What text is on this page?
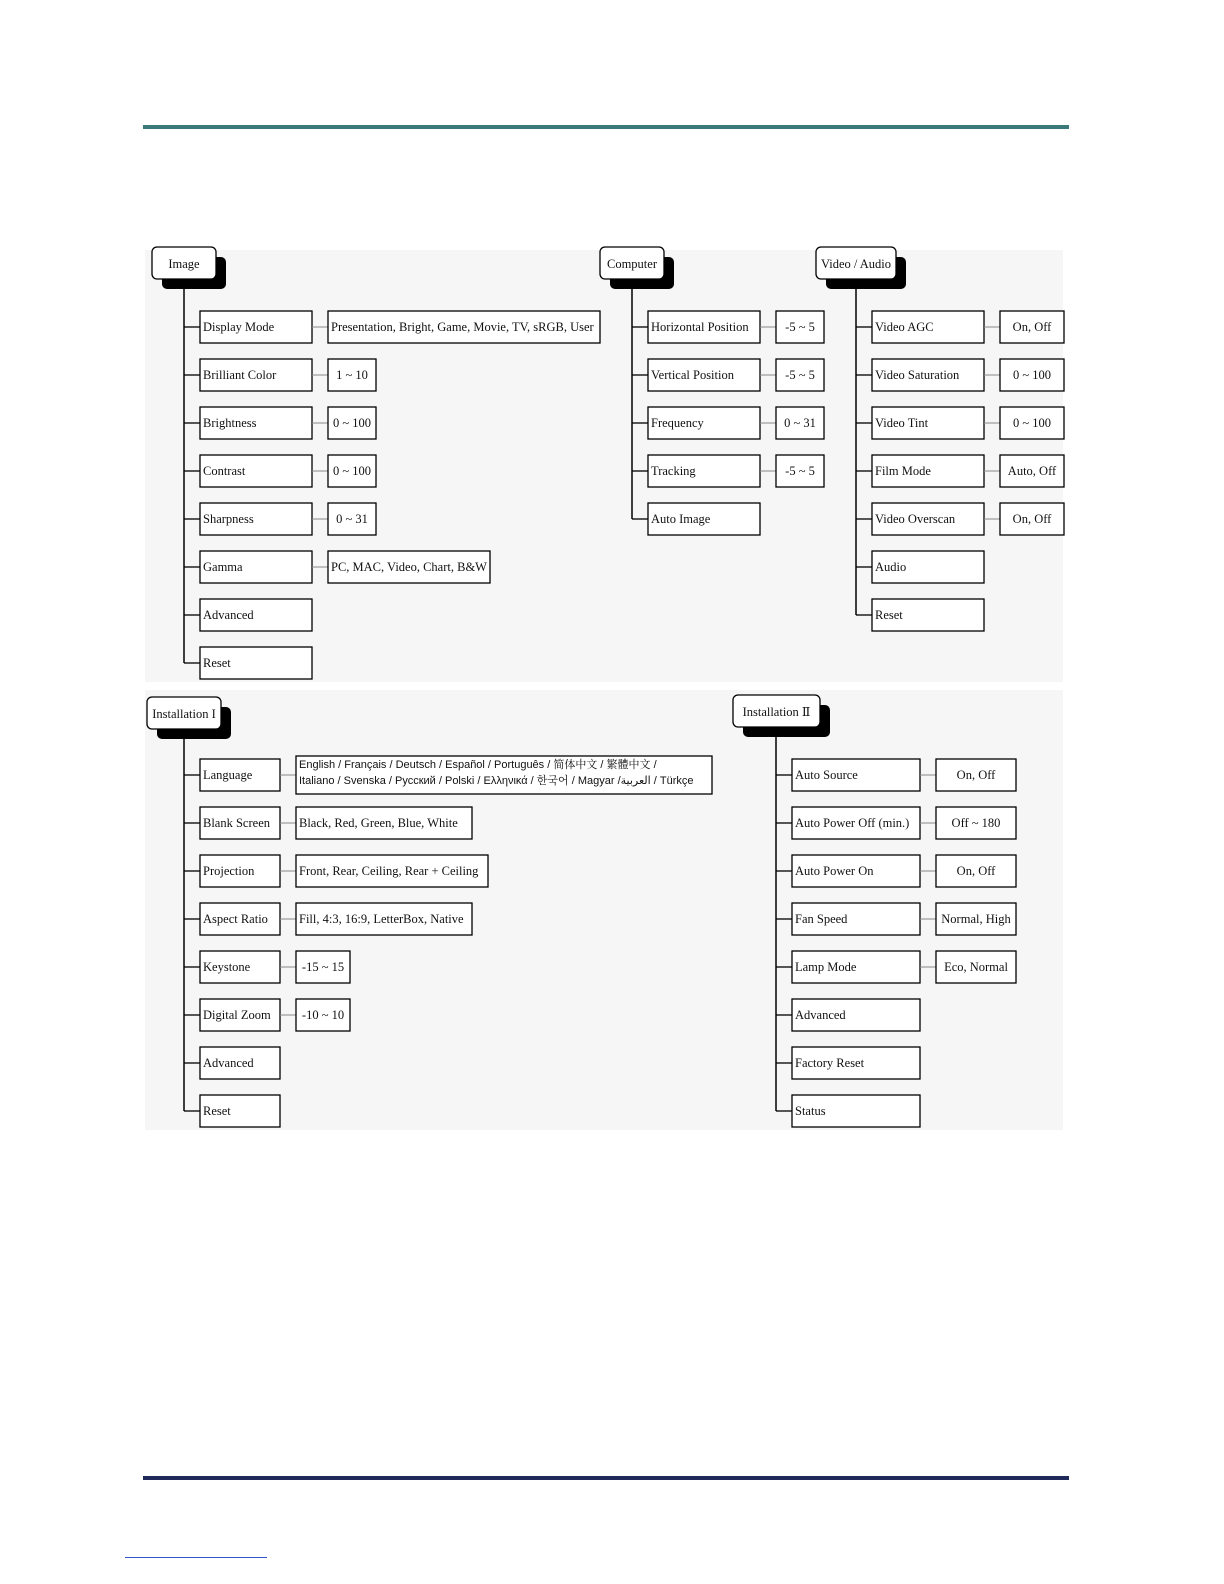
Image
Display Mode	Presentation, Bright, Game, Movie, TV, sRGB, User
Brilliant Color	1 ~ 10
Brightness	0 ~ 100
Contrast	0 ~ 100
Sharpness	0 ~ 31
Gamma	PC, MAC, Video, Chart, B&W
Advanced
Reset
Computer
Horizontal Position	-5 ~ 5
Vertical Position	-5 ~ 5
Frequency	0 ~ 31
Tracking	-5 ~ 5
Auto Image
Video / Audio
Video AGC	On, Off
Video Saturation	0 ~ 100
Video Tint	0 ~ 100
Film Mode	Auto, Off
Video Overscan	On, Off
Audio
Reset
Installation I
Language
English / Français / Deutsch / Español / Português / 简体中文 / 繁體中文 /
Italiano / Svenska / Русский / Polski / Ελληνικά / 한국어 / Magyar /العربية / Türkçe
Blank Screen Black, Red, Green, Blue, White
Projection	Front, Rear, Ceiling, Rear + Ceiling
Aspect Ratio Fill, 4:3, 16:9, LetterBox, Native
Keystone	-15 ~ 15
Digital Zoom -10 ~ 10
Advanced
Reset
Installation Ⅱ
Auto Source	On, Off
Auto Power Off (min.)	Off ~ 180
Auto Power On	On, Off
Fan Speed	Normal, High
Lamp Mode	Eco, Normal
Advanced
Factory Reset
Status
